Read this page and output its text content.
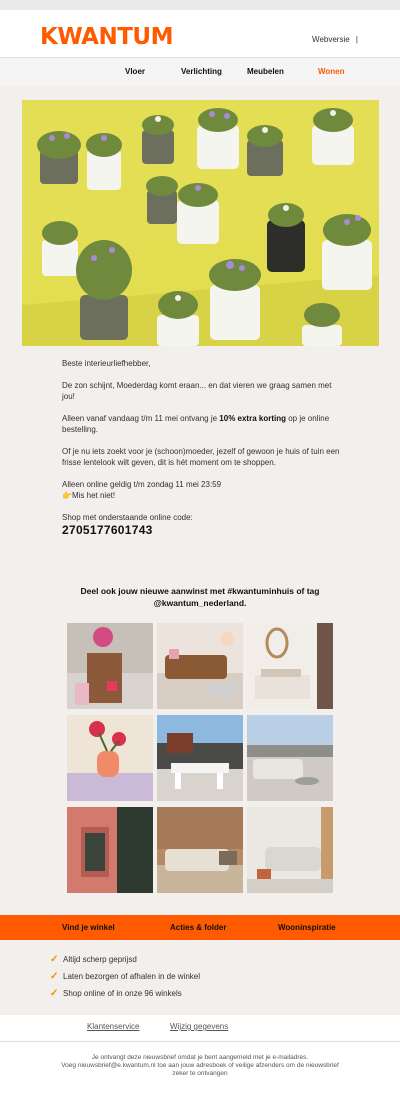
KWANTUM	Webversie |
Vloer	Verlichting	Meubelen	Wonen

Beste interieurliefhebber,

De zon schijnt, Moederdag komt eraan... en dat vieren we graag samen met jou!

Alleen vanaf vandaag t/m 11 mei ontvang je 10% extra korting op je online bestelling.

Of je nu iets zoekt voor je (schoon)moeder, jezelf of gewoon je huis of tuin een frisse lentelook wilt geven, dit is hét moment om te shoppen.

Alleen online geldig t/m zondag 11 mei 23:59
👉Mis het niet!

Shop met onderstaande online code:
2705177601743
Deel ook jouw nieuwe aanwinst met #kwantuminhuis of tag
@kwantum_nederland.
Vind je winkel	Acties & folder	Wooninspiratie
✓ Altijd scherp geprijsd
✓ Laten bezorgen of afhalen in de winkel
✓ Shop online of in onze 96 winkels
Klantenservice	Wijzig gegevens

Je ontvangt deze nieuwsbrief omdat je bent aangemeld met je e-mailadres.
Voeg nieuwsbrief@e.kwantum.nl toe aan jouw adresboek of veilige afzenders om de nieuwsbrief zeker te ontvangen
